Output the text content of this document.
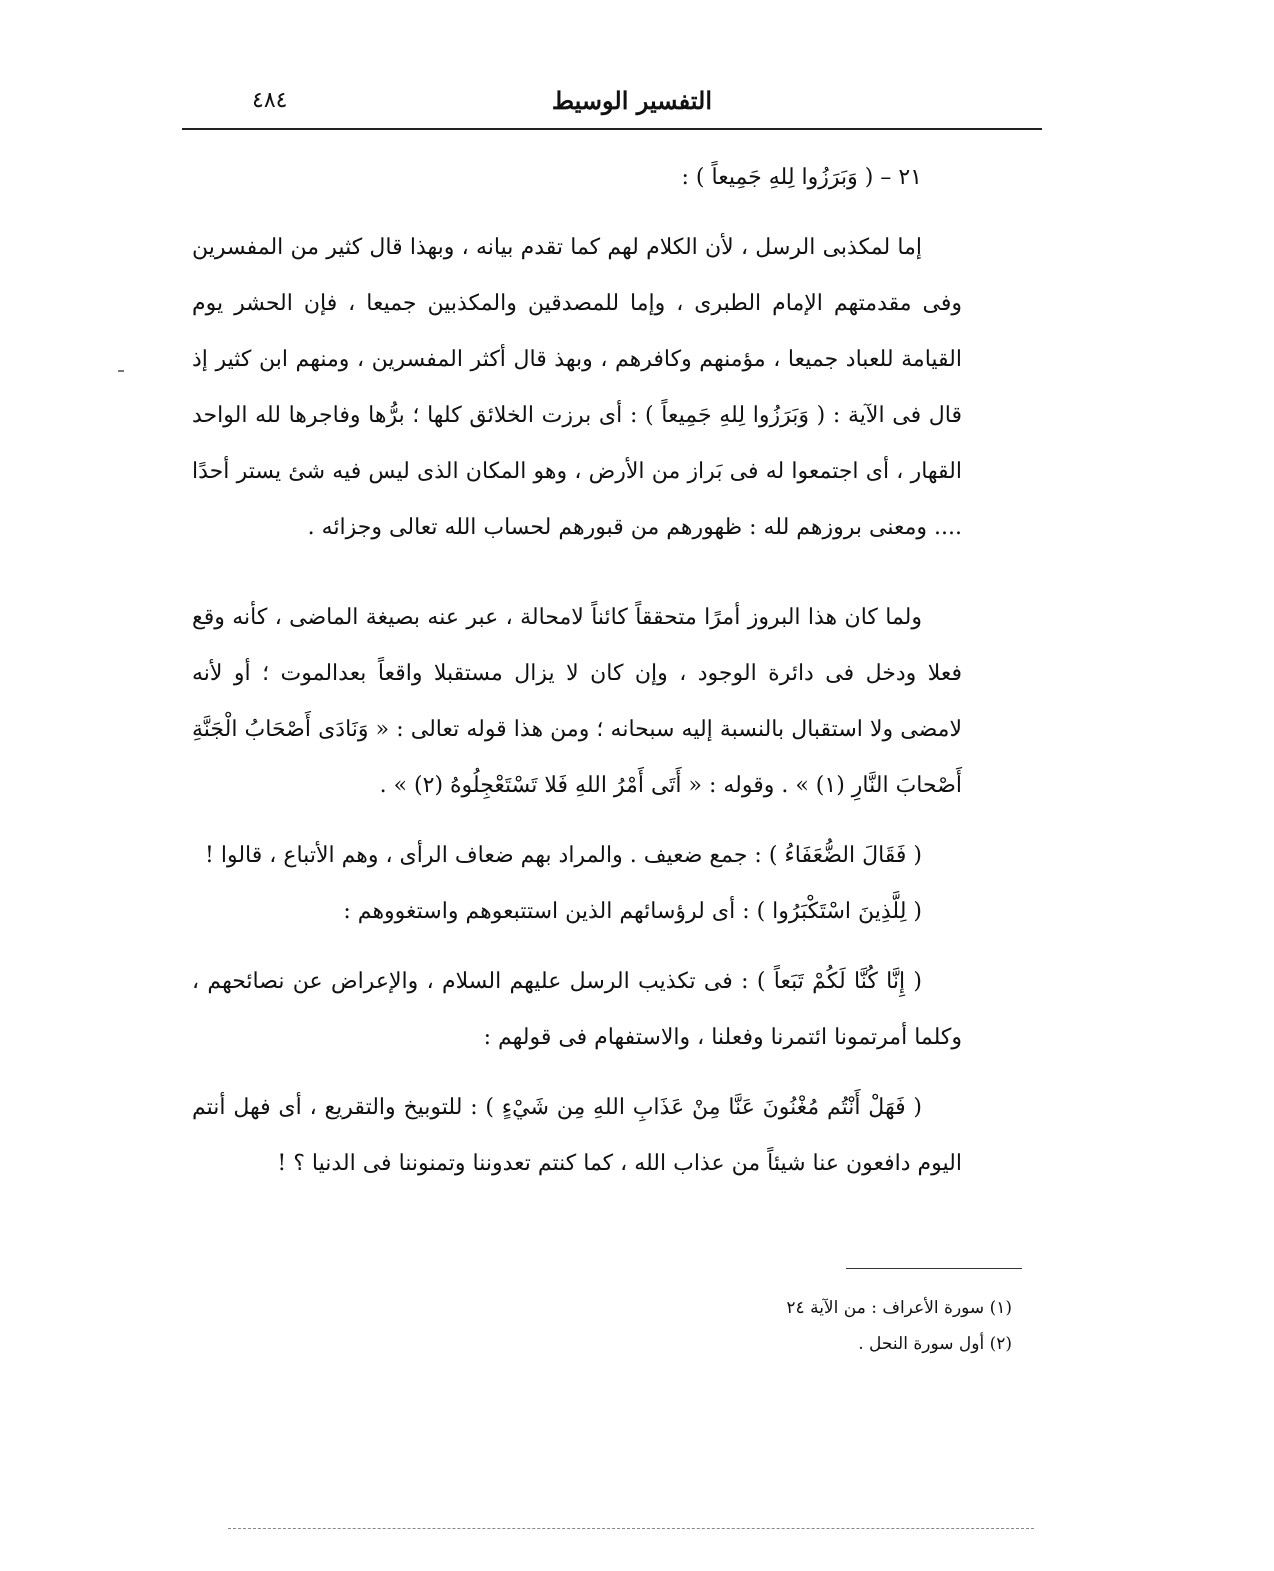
التفسير الوسيط
٤٨٤

٢١ – ( وَبَرَزُوا لِلهِ جَمِيعاً ) :

إما لمكذبى الرسل ، لأن الكلام لهم كما تقدم بيانه ، وبهذا قال كثير من المفسرين وفى مقدمتهم الإمام الطبرى ، وإما للمصدقين والمكذبين جميعا ، فإن الحشر يوم القيامة للعباد جميعا ، مؤمنهم وكافرهم ، وبهذ قال أكثر المفسرين ، ومنهم ابن كثير إذ قال فى الآية : ( وَبَرَزُوا لِلهِ جَمِيعاً ) : أى برزت الخلائق كلها ؛ برُّها وفاجرها لله الواحد القهار ، أى اجتمعوا له فى بَراز من الأرض ، وهو المكان الذى ليس فيه شئ يستر أحدًا .... ومعنى بروزهم لله : ظهورهم من قبورهم لحساب الله تعالى وجزائه .

ولما كان هذا البروز أمرًا متحققاً كائناً لامحالة ، عبر عنه بصيغة الماضى ، كأنه وقع فعلا ودخل فى دائرة الوجود ، وإن كان لا يزال مستقبلا واقعاً بعدالموت ؛ أو لأنه لامضى ولا استقبال بالنسبة إليه سبحانه ؛ ومن هذا قوله تعالى : « وَنَادَى أَصْحَابُ الْجَنَّةِ أَصْحابَ النَّارِ (١) » . وقوله : « أَتَى أَمْرُ اللهِ فَلا تَسْتَعْجِلُوهُ (٢) » .

( فَقَالَ الضُّعَفَاءُ ) : جمع ضعيف . والمراد بهم ضعاف الرأى ، وهم الأتباع ، قالوا !

( لِلَّذِينَ اسْتَكْبَرُوا ) : أى لرؤسائهم الذين استتبعوهم واستغووهم :

( إِنَّا كُنَّا لَكُمْ تَبَعاً ) : فى تكذيب الرسل عليهم السلام ، والإعراض عن نصائحهم ، وكلما أمرتمونا ائتمرنا وفعلنا ، والاستفهام فى قولهم :

( فَهَلْ أَنْتُم مُغْنُونَ عَنَّا مِنْ عَذَابِ اللهِ مِن شَيْءٍ ) : للتوبيخ والتقريع ، أى فهل أنتم اليوم دافعون عنا شيئاً من عذاب الله ، كما كنتم تعدوننا وتمنوننا فى الدنيا ؟ !

(١) سورة الأعراف : من الآية ٢٤

(٢) أول سورة النحل .
